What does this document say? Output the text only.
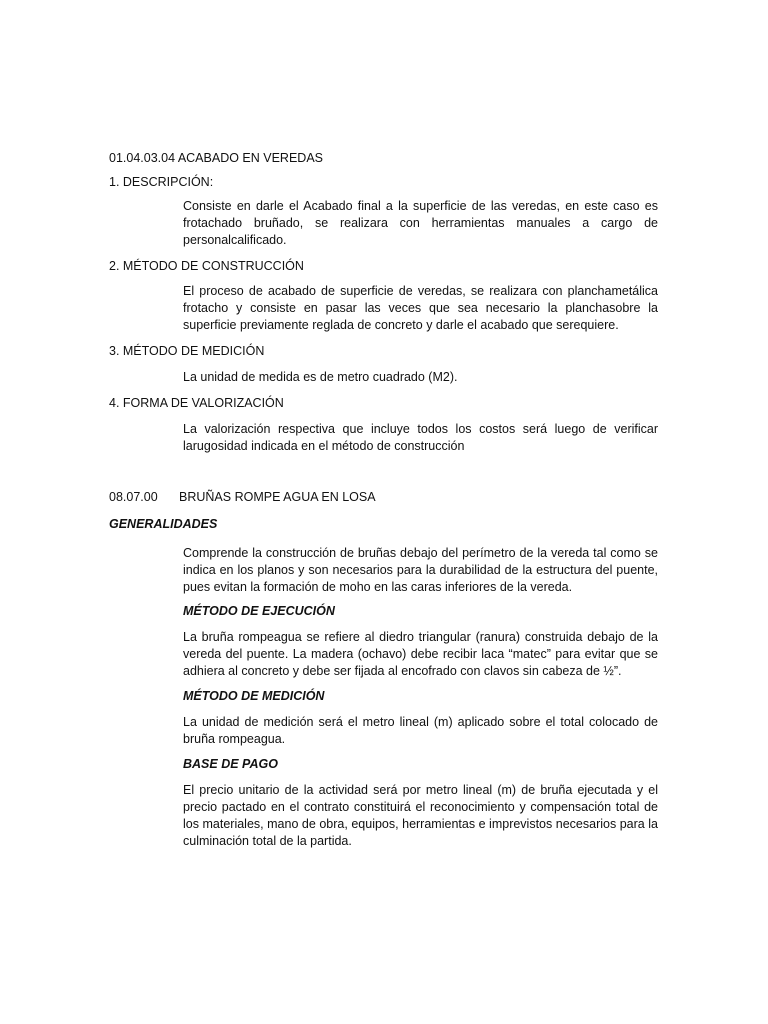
01.04.03.04 ACABADO EN VEREDAS
1. DESCRIPCIÓN:
Consiste en darle el Acabado final a la superficie de las veredas, en este caso es frotachado bruñado, se realizara con herramientas manuales a cargo de personalcalificado.
2. MÉTODO DE CONSTRUCCIÓN
El proceso de acabado de superficie de veredas, se realizara con planchametálica frotacho y consiste en pasar las veces que sea necesario la planchasobre la superficie previamente reglada de concreto y darle el acabado que serequiere.
3. MÉTODO DE MEDICIÓN
La unidad de medida es de metro cuadrado (M2).
4. FORMA DE VALORIZACIÓN
La valorización respectiva que incluye todos los costos será luego de verificar larugosidad indicada en el método de construcción
08.07.00 BRUÑAS ROMPE AGUA EN LOSA
GENERALIDADES
Comprende la construcción de bruñas debajo del perímetro de la vereda tal como se indica en los planos y son necesarios para la durabilidad de la estructura del puente, pues evitan la formación de moho en las caras inferiores de la vereda.
MÉTODO DE EJECUCIÓN
La bruña rompeagua se refiere al diedro triangular (ranura) construida debajo de la vereda del puente. La madera (ochavo) debe recibir laca “matec” para evitar que se adhiera al concreto y debe ser fijada al encofrado con clavos sin cabeza de ½”.
MÉTODO DE MEDICIÓN
La unidad de medición será el metro lineal (m) aplicado sobre el total colocado de bruña rompeagua.
BASE DE PAGO
El precio unitario de la actividad será por metro lineal (m) de bruña ejecutada y el precio pactado en el contrato constituirá el reconocimiento y compensación total de los materiales, mano de obra, equipos, herramientas e imprevistos necesarios para la culminación total de la partida.
